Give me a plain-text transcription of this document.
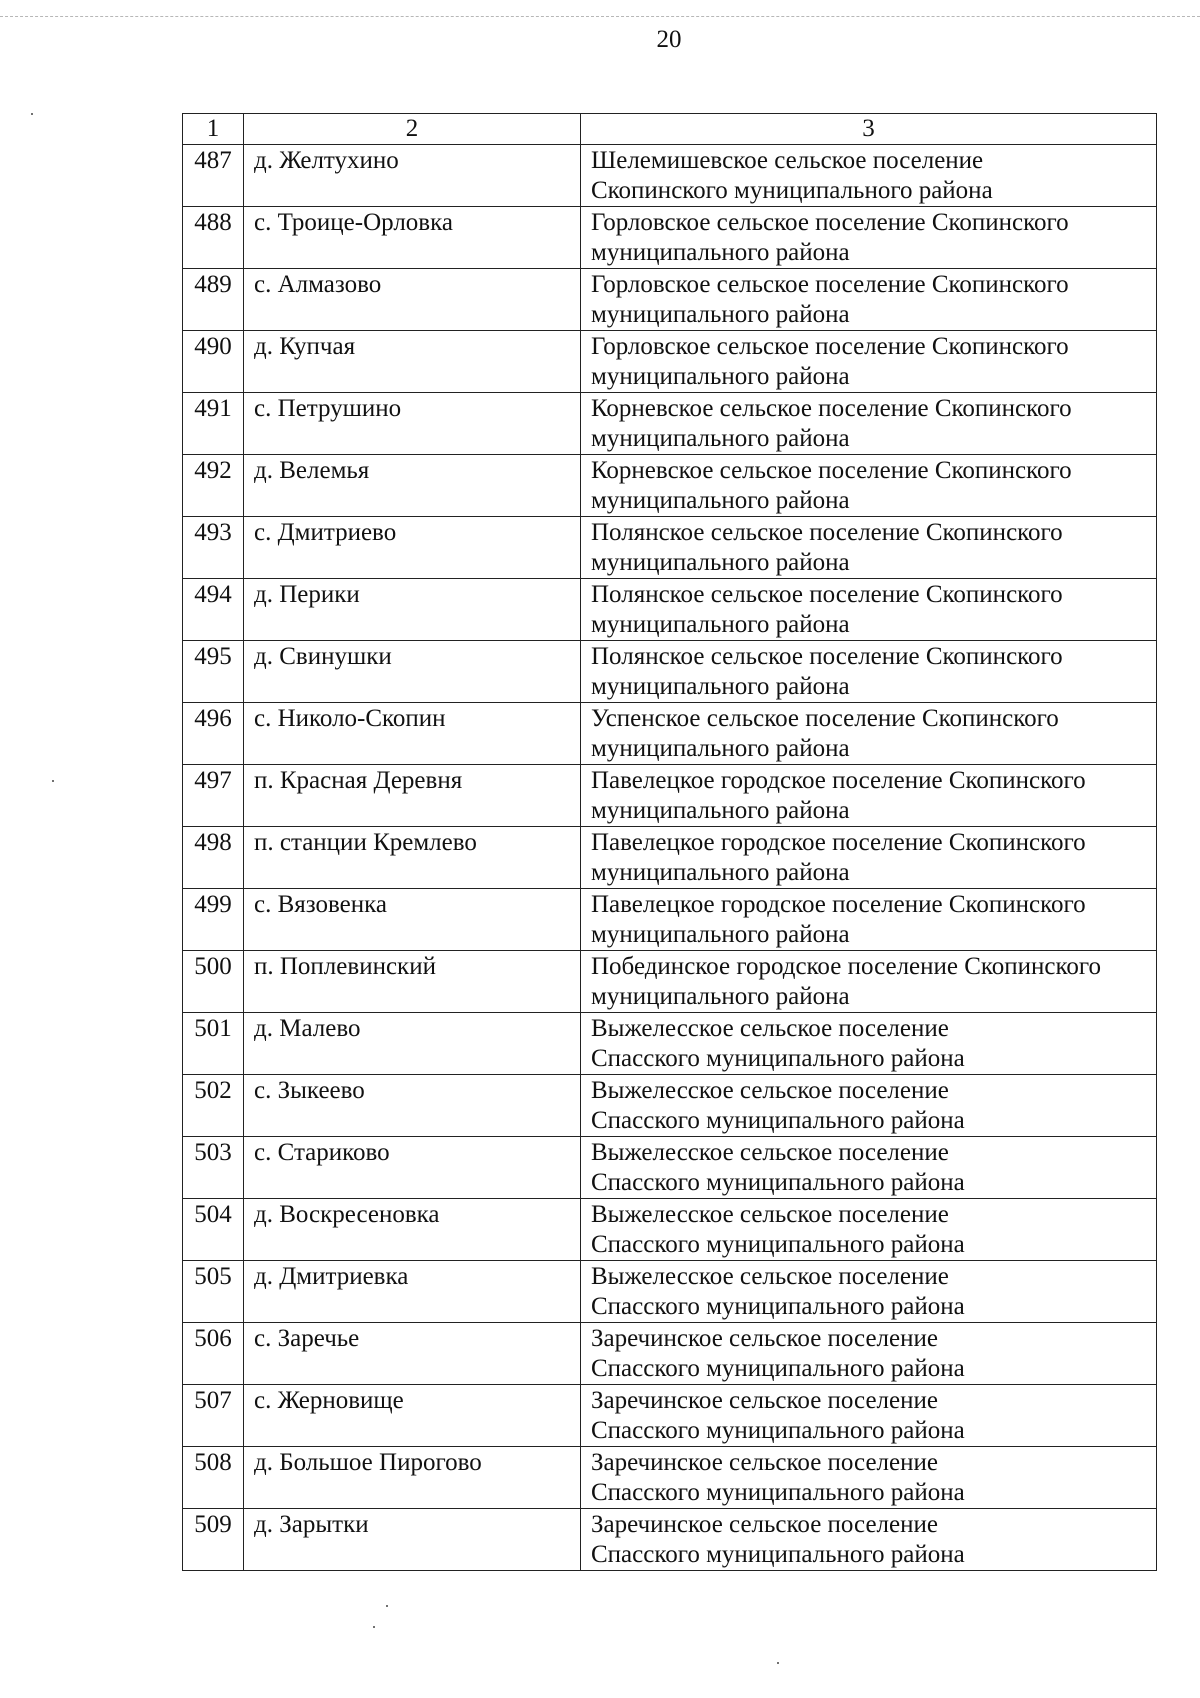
20
1	2	3
487	д. Желтухино	Шелемишевское сельское поселение
Скопинского муниципального района

488	с. Троице-Орловка	Горловское сельское поселение Скопинского
муниципального района

489	с. Алмазово	Горловское сельское поселение Скопинского
муниципального района

490	д. Купчая	Горловское сельское поселение Скопинского
муниципального района

491	с. Петрушино	Корневское сельское поселение Скопинского
муниципального района

492	д. Велемья	Корневское сельское поселение Скопинского
муниципального района

493	с. Дмитриево	Полянское сельское поселение Скопинского
муниципального района

494	д. Перики	Полянское сельское поселение Скопинского
муниципального района

495	д. Свинушки	Полянское сельское поселение Скопинского
муниципального района

496	с. Николо-Скопин	Успенское сельское поселение Скопинского
муниципального района

497	п. Красная Деревня	Павелецкое городское поселение Скопинского
муниципального района

498	п. станции Кремлево	Павелецкое городское поселение Скопинского
муниципального района

499	с. Вязовенка	Павелецкое городское поселение Скопинского
муниципального района

500	п. Поплевинский	Побединское городское поселение Скопинского
муниципального района

501	д. Малево	Выжелесское сельское поселение
Спасского муниципального района

502	с. Зыкеево	Выжелесское сельское поселение
Спасского муниципального района

503	с. Стариково	Выжелесское сельское поселение
Спасского муниципального района

504	д. Воскресеновка	Выжелесское сельское поселение
Спасского муниципального района

505	д. Дмитриевка	Выжелесское сельское поселение
Спасского муниципального района

506	с. Заречье	Заречинское сельское поселение
Спасского муниципального района

507	с. Жерновище	Заречинское сельское поселение
Спасского муниципального района

508	д. Большое Пирогово	Заречинское сельское поселение
Спасского муниципального района

509	д. Зарытки	Заречинское сельское поселение
Спасского муниципального района
